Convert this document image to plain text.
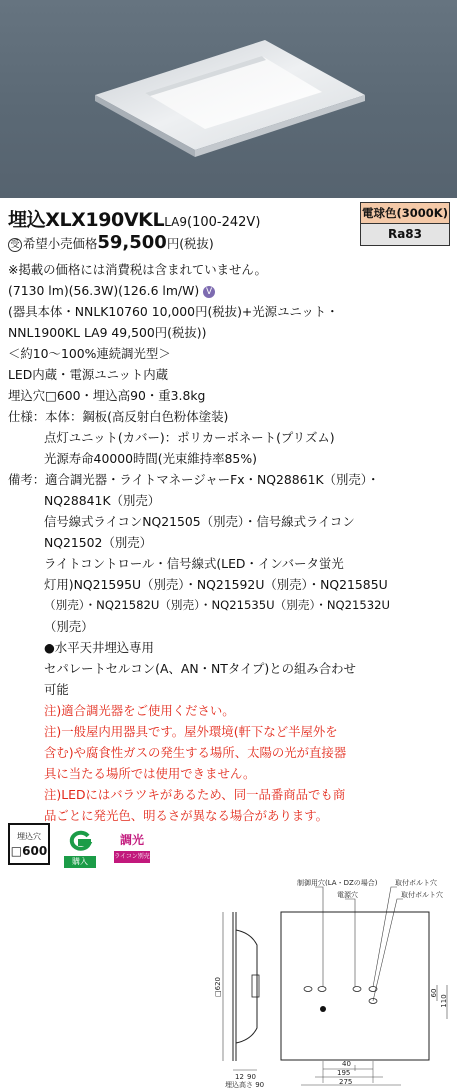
埋込XLX190VKLLA9(100-242V)
電球色(3000K)
Ra83
受 希望小売価格59,500円(税抜)
※掲載の価格には消費税は含まれていません。
(7130 lm)(56.3W)(126.6 lm/W) V
(器具本体・NNLK10760 10,000円(税抜)+光源ユニット・
NNL1900KL LA9 49,500円(税抜))
＜約10～100%連続調光型＞
LED内蔵・電源ユニット内蔵
埋込穴□600・埋込高90・重3.8kg
仕様：本体：鋼板(高反射白色粉体塗装)
点灯ユニット(カバー)：ポリカーボネート(プリズム)
光源寿命40000時間(光束維持率85%)
備考：適合調光器・ライトマネージャーFx・NQ28861K（別売）・
NQ28841K（別売）
信号線式ライコンNQ21505（別売）・信号線式ライコン
NQ21502（別売）
ライトコントロール・信号線式(LED・インバータ蛍光
灯用)NQ21595U（別売）・NQ21592U（別売）・NQ21585U
（別売）・NQ21582U（別売）・NQ21535U（別売）・NQ21532U
（別売）
●水平天井埋込専用
セパレートセルコン(A、AN・NTタイプ)との組み合わせ
可能
注)適合調光器をご使用ください。
注)一般屋内用器具です。屋外環境(軒下など半屋外を
含む)や腐食性ガスの発生する場所、太陽の光が直接器
具に当たる場所では使用できません。
注)LEDにはバラツキがあるため、同一品番商品でも商
品ごとに発光色、明るさが異なる場合があります。
埋込穴
□600
購入
調光
ライコン別売
制御用穴(LA・DZの場合)	取付ボルト穴
電源穴	取付ボルト穴
□620
12 90
埋込高さ 90
60
110
40
195
275
